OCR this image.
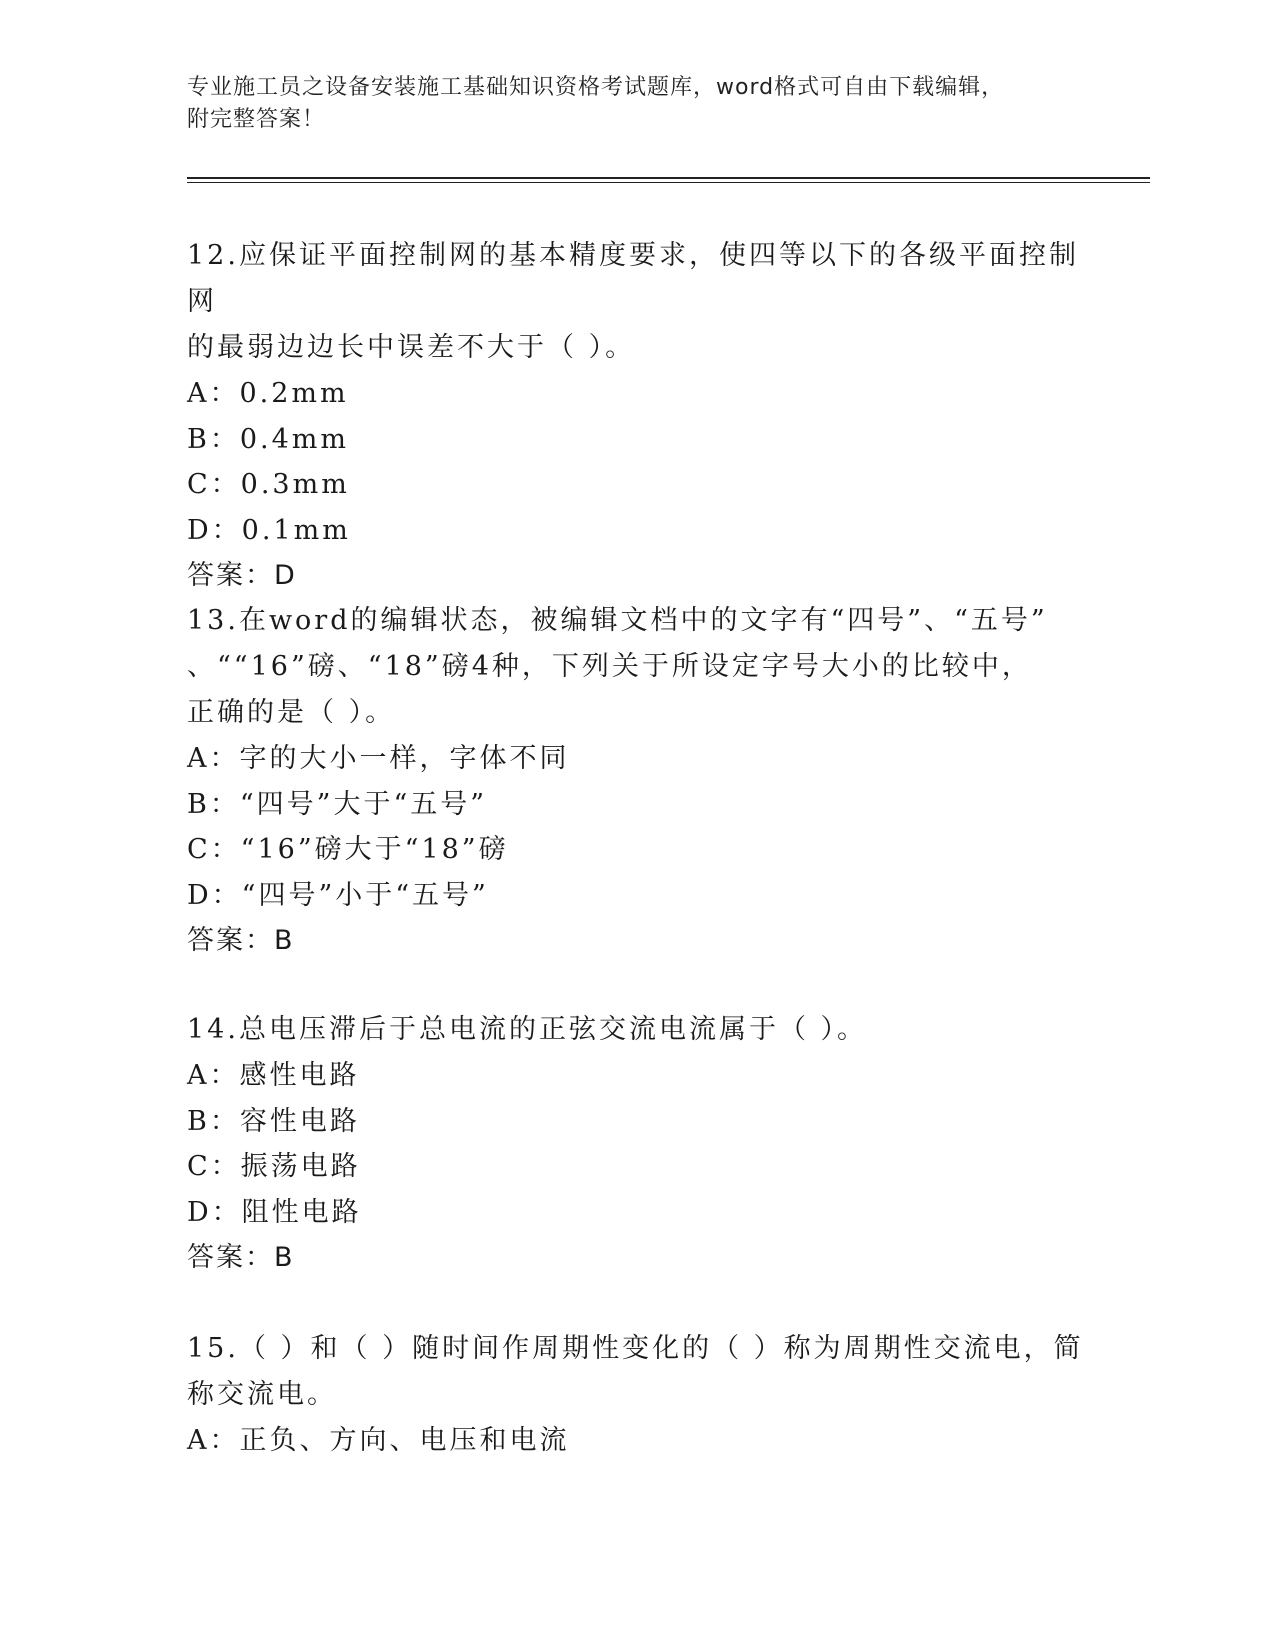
专业施工员之设备安装施工基础知识资格考试题库，word格式可自由下载编辑，

附完整答案！

12.应保证平面控制网的基本精度要求，使四等以下的各级平面控制网

的最弱边边长中误差不大于（ ）。

A：0.2mm

B：0.4mm

C：0.3mm

D：0.1mm

答案：D

13.在word的编辑状态，被编辑文档中的文字有“四号”、“五号”

、““16”磅、“18”磅4种，下列关于所设定字号大小的比较中，

正确的是（ ）。

A：字的大小一样，字体不同

B：“四号”大于“五号”

C：“16”磅大于“18”磅

D：“四号”小于“五号”

答案：B

14.总电压滞后于总电流的正弦交流电流属于（ ）。

A：感性电路

B：容性电路

C：振荡电路

D：阻性电路

答案：B

15.（ ）和（ ）随时间作周期性变化的（ ）称为周期性交流电，简

称交流电。

A：正负、方向、电压和电流
